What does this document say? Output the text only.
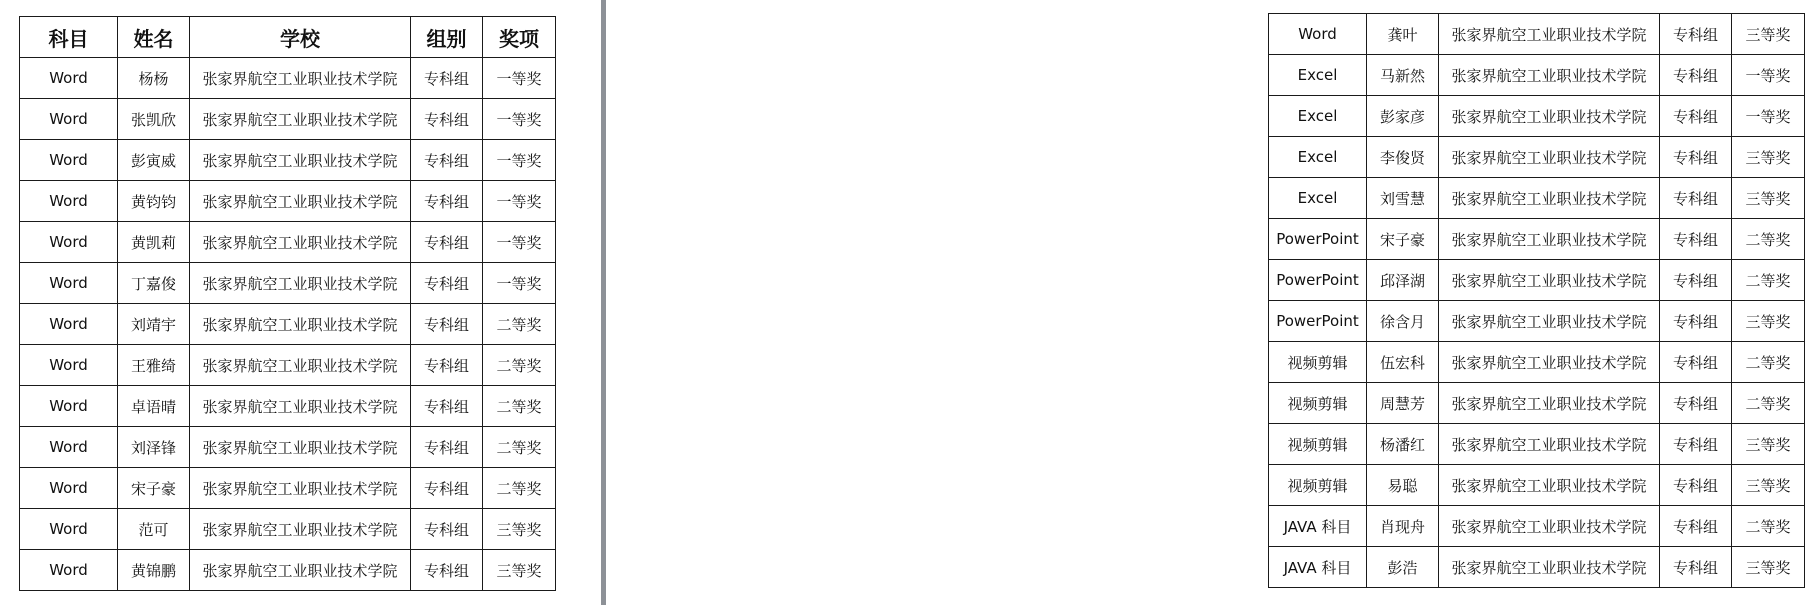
科目	姓名	学校	组别	奖项
Word	杨杨	张家界航空工业职业技术学院	专科组	一等奖
Word	张凯欣	张家界航空工业职业技术学院	专科组	一等奖
Word	彭寅威	张家界航空工业职业技术学院	专科组	一等奖
Word	黄钧钧	张家界航空工业职业技术学院	专科组	一等奖
Word	黄凯莉	张家界航空工业职业技术学院	专科组	一等奖
Word	丁嘉俊	张家界航空工业职业技术学院	专科组	一等奖
Word	刘靖宇	张家界航空工业职业技术学院	专科组	二等奖
Word	王雅绮	张家界航空工业职业技术学院	专科组	二等奖
Word	卓语晴	张家界航空工业职业技术学院	专科组	二等奖
Word	刘泽锋	张家界航空工业职业技术学院	专科组	二等奖
Word	宋子豪	张家界航空工业职业技术学院	专科组	二等奖
Word	范可	张家界航空工业职业技术学院	专科组	三等奖
Word	黄锦鹏	张家界航空工业职业技术学院	专科组	三等奖
Word	龚叶	张家界航空工业职业技术学院	专科组	三等奖
Excel	马新然	张家界航空工业职业技术学院	专科组	一等奖
Excel	彭家彦	张家界航空工业职业技术学院	专科组	一等奖
Excel	李俊贤	张家界航空工业职业技术学院	专科组	三等奖
Excel	刘雪慧	张家界航空工业职业技术学院	专科组	三等奖
PowerPoint	宋子豪	张家界航空工业职业技术学院	专科组	二等奖
PowerPoint	邱泽湖	张家界航空工业职业技术学院	专科组	二等奖
PowerPoint	徐含月	张家界航空工业职业技术学院	专科组	三等奖
视频剪辑	伍宏科	张家界航空工业职业技术学院	专科组	二等奖
视频剪辑	周慧芳	张家界航空工业职业技术学院	专科组	二等奖
视频剪辑	杨潘红	张家界航空工业职业技术学院	专科组	三等奖
视频剪辑	易聪	张家界航空工业职业技术学院	专科组	三等奖
JAVA 科目	肖现舟	张家界航空工业职业技术学院	专科组	二等奖
JAVA 科目	彭浩	张家界航空工业职业技术学院	专科组	三等奖
